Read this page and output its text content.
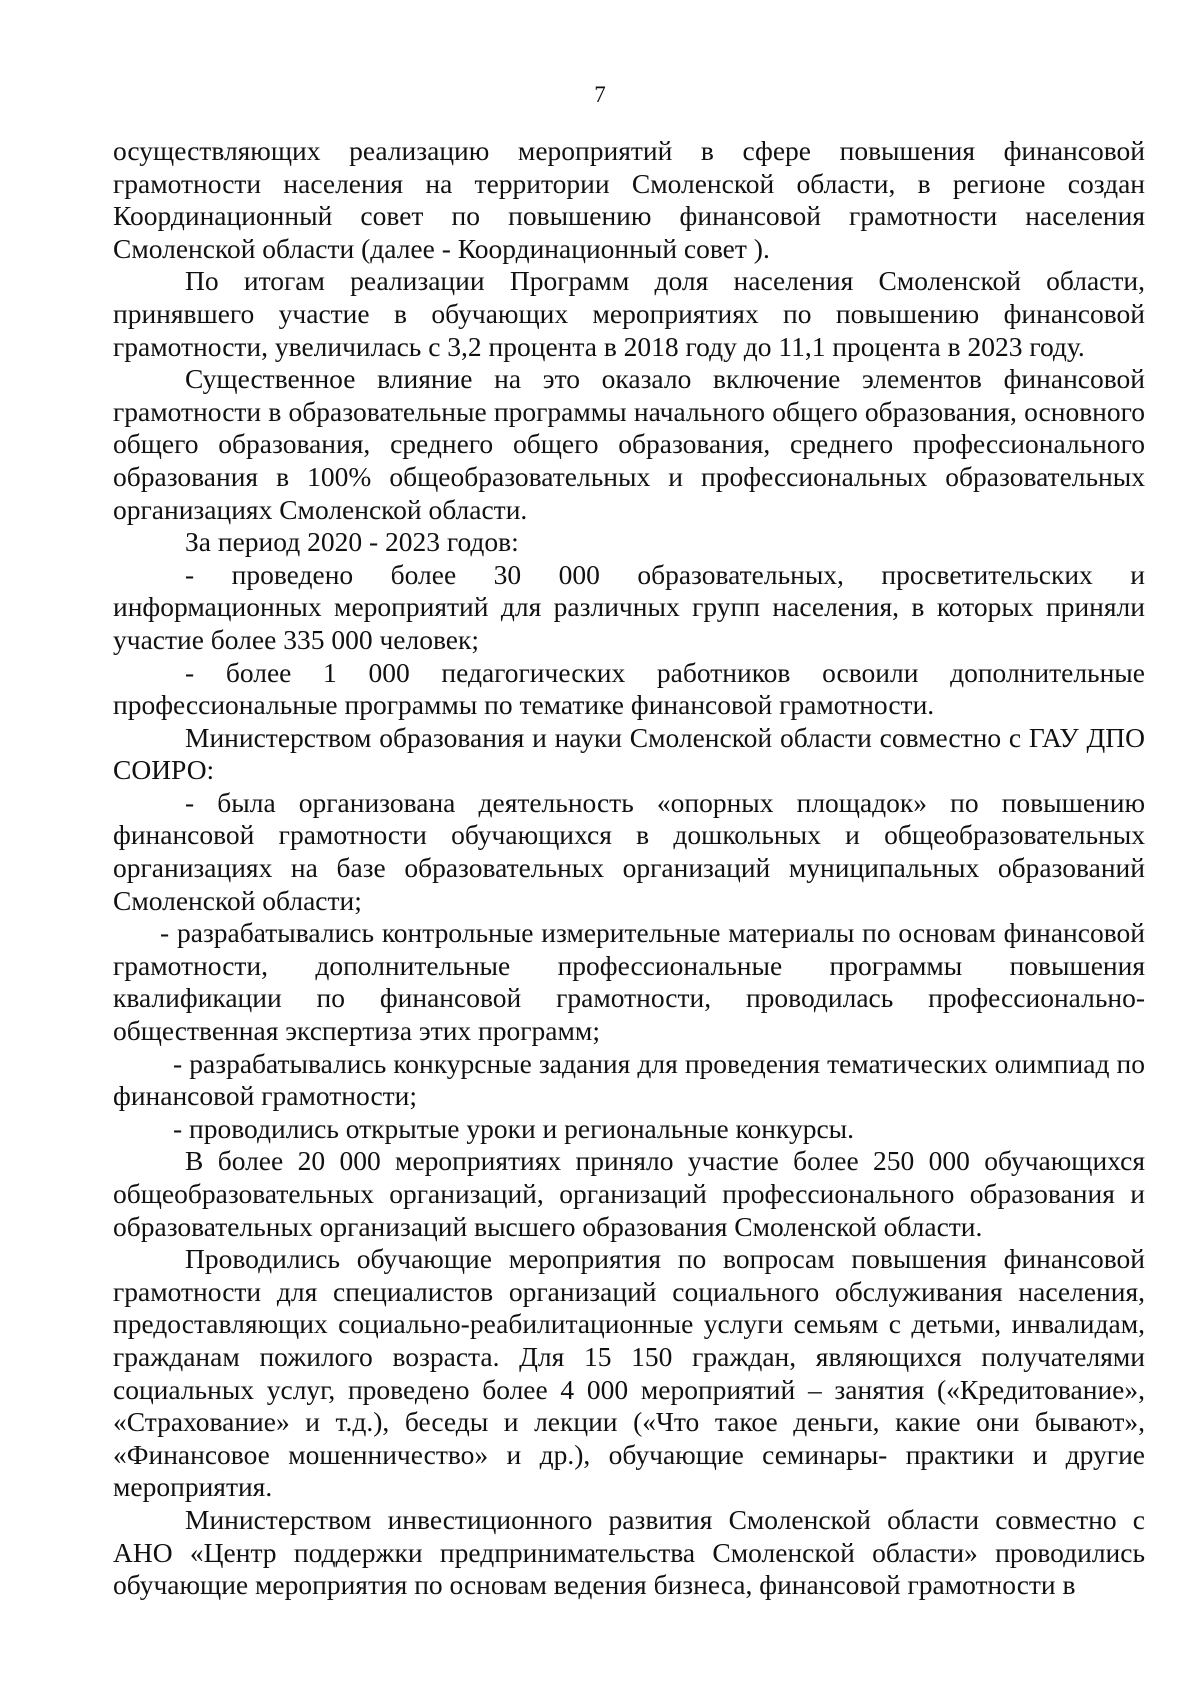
7

осуществляющих реализацию мероприятий в сфере повышения финансовой грамотности населения на территории Смоленской области, в регионе создан Координационный совет по повышению финансовой грамотности населения Смоленской области (далее - Координационный совет ).

По итогам реализации Программ доля населения Смоленской области, принявшего участие в обучающих мероприятиях по повышению финансовой грамотности, увеличилась с 3,2 процента в 2018 году до 11,1 процента в 2023 году.

Существенное влияние на это оказало включение элементов финансовой грамотности в образовательные программы начального общего образования, основного общего образования, среднего общего образования, среднего профессионального образования в 100% общеобразовательных и профессиональных образовательных организациях Смоленской области.

За период 2020 - 2023 годов:

- проведено более 30 000 образовательных, просветительских и информационных мероприятий для различных групп населения, в которых приняли участие более 335 000 человек;

- более 1 000 педагогических работников освоили дополнительные профессиональные программы по тематике финансовой грамотности.

Министерством образования и науки Смоленской области совместно с ГАУ ДПО СОИРО:

- была организована деятельность «опорных площадок» по повышению финансовой грамотности обучающихся в дошкольных и общеобразовательных организациях на базе образовательных организаций муниципальных образований Смоленской области;

- разрабатывались контрольные измерительные материалы по основам финансовой грамотности, дополнительные профессиональные программы повышения квалификации по финансовой грамотности, проводилась профессионально-общественная экспертиза этих программ;

- разрабатывались конкурсные задания для проведения тематических олимпиад по финансовой грамотности;

- проводились открытые уроки и региональные конкурсы.

В более 20 000 мероприятиях приняло участие более 250 000 обучающихся общеобразовательных организаций, организаций профессионального образования и образовательных организаций высшего образования Смоленской области.

Проводились обучающие мероприятия по вопросам повышения финансовой грамотности для специалистов организаций социального обслуживания населения, предоставляющих социально-реабилитационные услуги семьям с детьми, инвалидам, гражданам пожилого возраста. Для 15 150 граждан, являющихся получателями социальных услуг, проведено более 4 000 мероприятий – занятия («Кредитование», «Страхование» и т.д.), беседы и лекции («Что такое деньги, какие они бывают», «Финансовое мошенничество» и др.), обучающие семинары- практики и другие мероприятия.

Министерством инвестиционного развития Смоленской области совместно с АНО «Центр поддержки предпринимательства Смоленской области» проводились обучающие мероприятия по основам ведения бизнеса, финансовой грамотности в
